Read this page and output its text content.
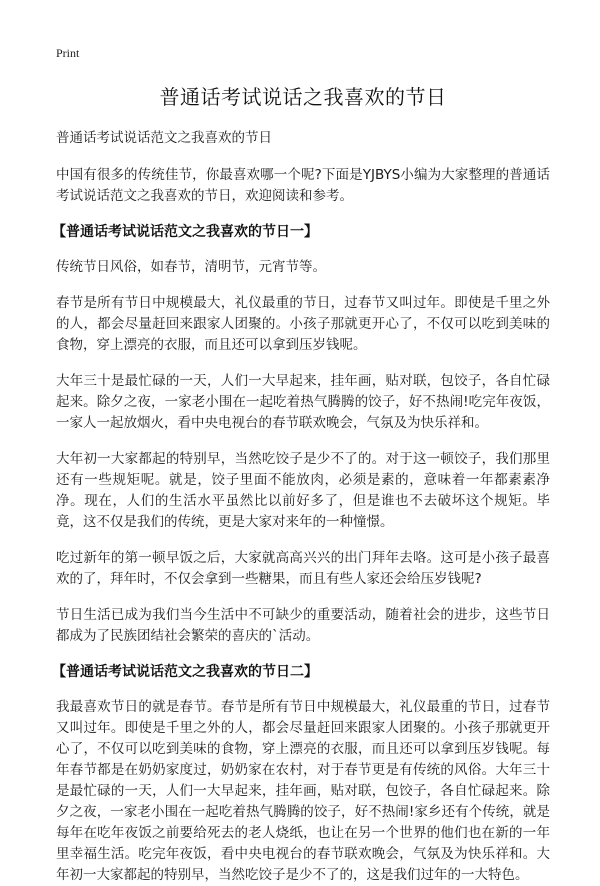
Print
普通话考试说话之我喜欢的节日
普通话考试说话范文之我喜欢的节日

中国有很多的传统佳节，你最喜欢哪一个呢?下面是YJBYS小编为大家整理的普通话考试说话范文之我喜欢的节日，欢迎阅读和参考。

【普通话考试说话范文之我喜欢的节日一】

传统节日风俗，如春节，清明节，元宵节等。

春节是所有节日中规模最大，礼仪最重的节日，过春节又叫过年。即使是千里之外的人，都会尽量赶回来跟家人团聚的。小孩子那就更开心了，不仅可以吃到美味的食物，穿上漂亮的衣服，而且还可以拿到压岁钱呢。

大年三十是最忙碌的一天，人们一大早起来，挂年画，贴对联，包饺子，各自忙碌起来。除夕之夜，一家老小围在一起吃着热气腾腾的饺子，好不热闹!吃完年夜饭，一家人一起放烟火，看中央电视台的春节联欢晚会，气氛及为快乐祥和。

大年初一大家都起的特别早，当然吃饺子是少不了的。对于这一顿饺子，我们那里还有一些规矩呢。就是，饺子里面不能放肉，必须是素的，意味着一年都素素净净。现在，人们的生活水平虽然比以前好多了，但是谁也不去破坏这个规矩。毕竟，这不仅是我们的传统，更是大家对来年的一种憧憬。

吃过新年的第一顿早饭之后，大家就高高兴兴的出门拜年去咯。这可是小孩子最喜欢的了，拜年时，不仅会拿到一些糖果，而且有些人家还会给压岁钱呢?

节日生活已成为我们当今生活中不可缺少的重要活动，随着社会的进步，这些节日都成为了民族团结社会繁荣的喜庆的`活动。

【普通话考试说话范文之我喜欢的节日二】

我最喜欢节日的就是春节。春节是所有节日中规模最大，礼仪最重的节日，过春节又叫过年。即使是千里之外的人，都会尽量赶回来跟家人团聚的。小孩子那就更开心了，不仅可以吃到美味的食物，穿上漂亮的衣服，而且还可以拿到压岁钱呢。每年春节都是在奶奶家度过，奶奶家在农村，对于春节更是有传统的风俗。大年三十是最忙碌的一天，人们一大早起来，挂年画，贴对联，包饺子，各自忙碌起来。除夕之夜，一家老小围在一起吃着热气腾腾的饺子，好不热闹!家乡还有个传统，就是每年在吃年夜饭之前要给死去的老人烧纸，也让在另一个世界的他们也在新的一年里幸福生活。吃完年夜饭，看中央电视台的春节联欢晚会，气氛及为快乐祥和。大年初一大家都起的特别早，当然吃饺子是少不了的，这是我们过年的一大特色。
